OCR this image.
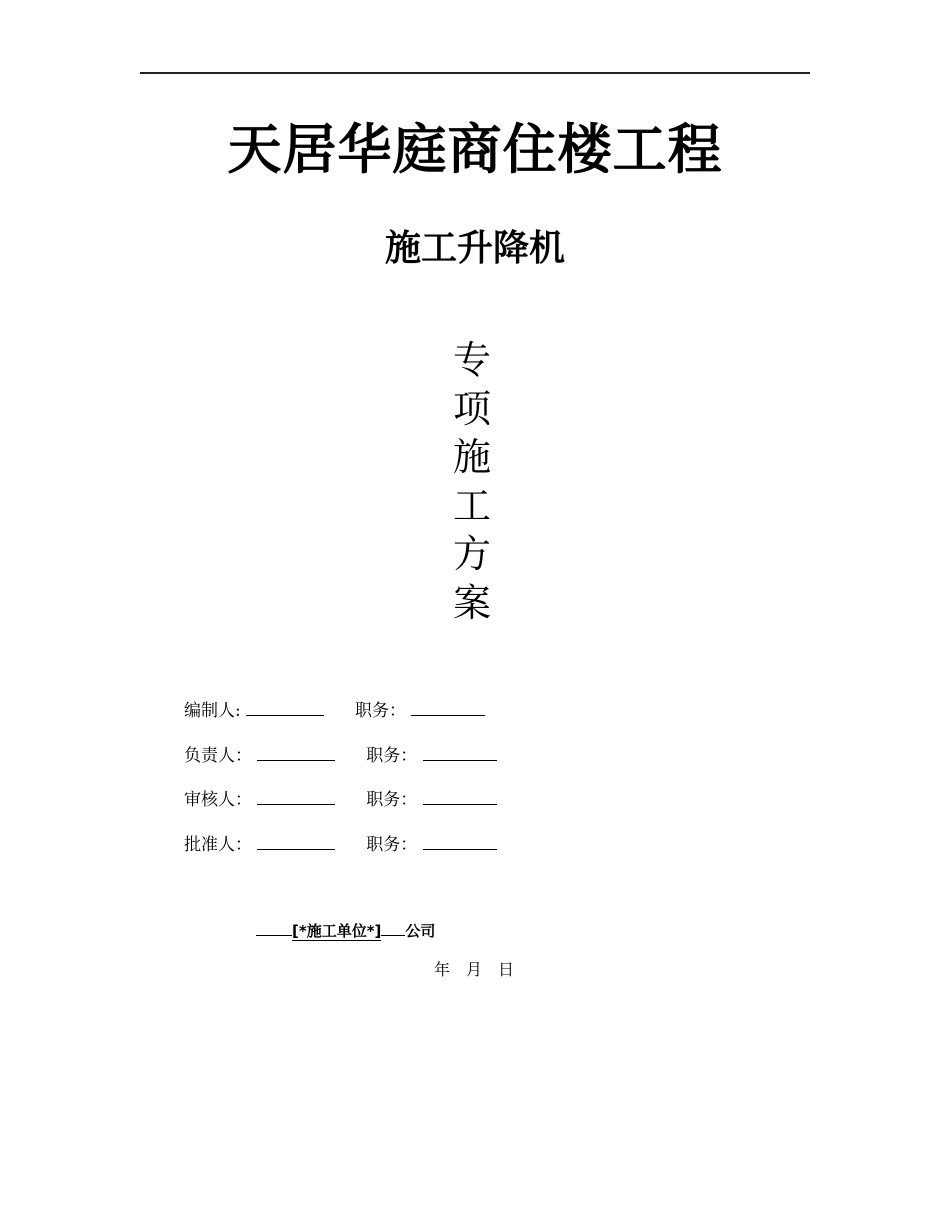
天居华庭商住楼工程
施工升降机
专
项
施
工
方
案
编制人:	职务：
负责人：	职务：
审核人：	职务：
批准人：	职务：
[*施工单位*] 公司
年 月 日
